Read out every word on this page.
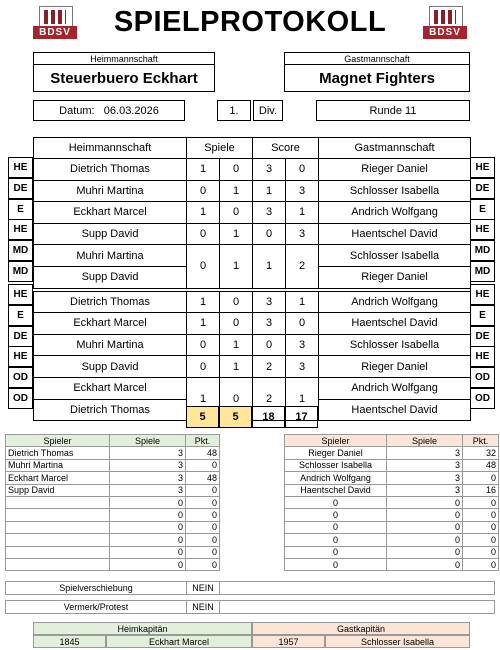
BDSV	BDSV
SPIELPROTOKOLL
Heimmannschaft
Steuerbuero Eckhart
Gastmannschaft
Magnet Fighters
Datum:
06.03.2026	1.	Div.	Runde 11
Heimmannschaft	Spiele		Score		Gastmannschaft
Dietrich Thomas	1	0	3	0	Rieger Daniel
Muhri Martina	0	1	1	3	Schlosser Isabella
Eckhart Marcel	1	0	3	1	Andrich Wolfgang
Supp David	0	1	0	3	Haentschel David
Muhri Martina	0	1	1	2	Schlosser Isabella
Supp David					Rieger Daniel

Dietrich Thomas	1	0	3	1	Andrich Wolfgang
Eckhart Marcel	1	0	3	0	Haentschel David
Muhri Martina	0	1	0	3	Schlosser Isabella
Supp David	0	1	2	3	Rieger Daniel
Eckhart Marcel	1	0	2	1	Andrich Wolfgang
Dietrich Thomas					Haentschel David
HE
DE
E
HE
MD
MD
HE
E
DE
HE
OD
OD
HE
DE
E
HE
MD
MD
HE
E
DE
HE
OD
OD
5	5	18	17
Spieler	Spiele	Pkt.
Dietrich Thomas	3	48
Muhri Martina	3	0
Eckhart Marcel	3	48
Supp David	3	0
	0	0
	0	0
	0	0
	0	0
	0	0
	0	0
Spieler	Spiele	Pkt.
Rieger Daniel	3	32
Schlosser Isabella	3	48
Andrich Wolfgang	3	0
Haentschel David	3	16
0	0	0
0	0	0
0	0	0
0	0	0
0	0	0
0	0	0
Spielverschiebung	NEIN
Vermerk/Protest	NEIN
Heimkapitän	Gastkapitän
1845	Eckhart Marcel	1957	Schlosser Isabella
